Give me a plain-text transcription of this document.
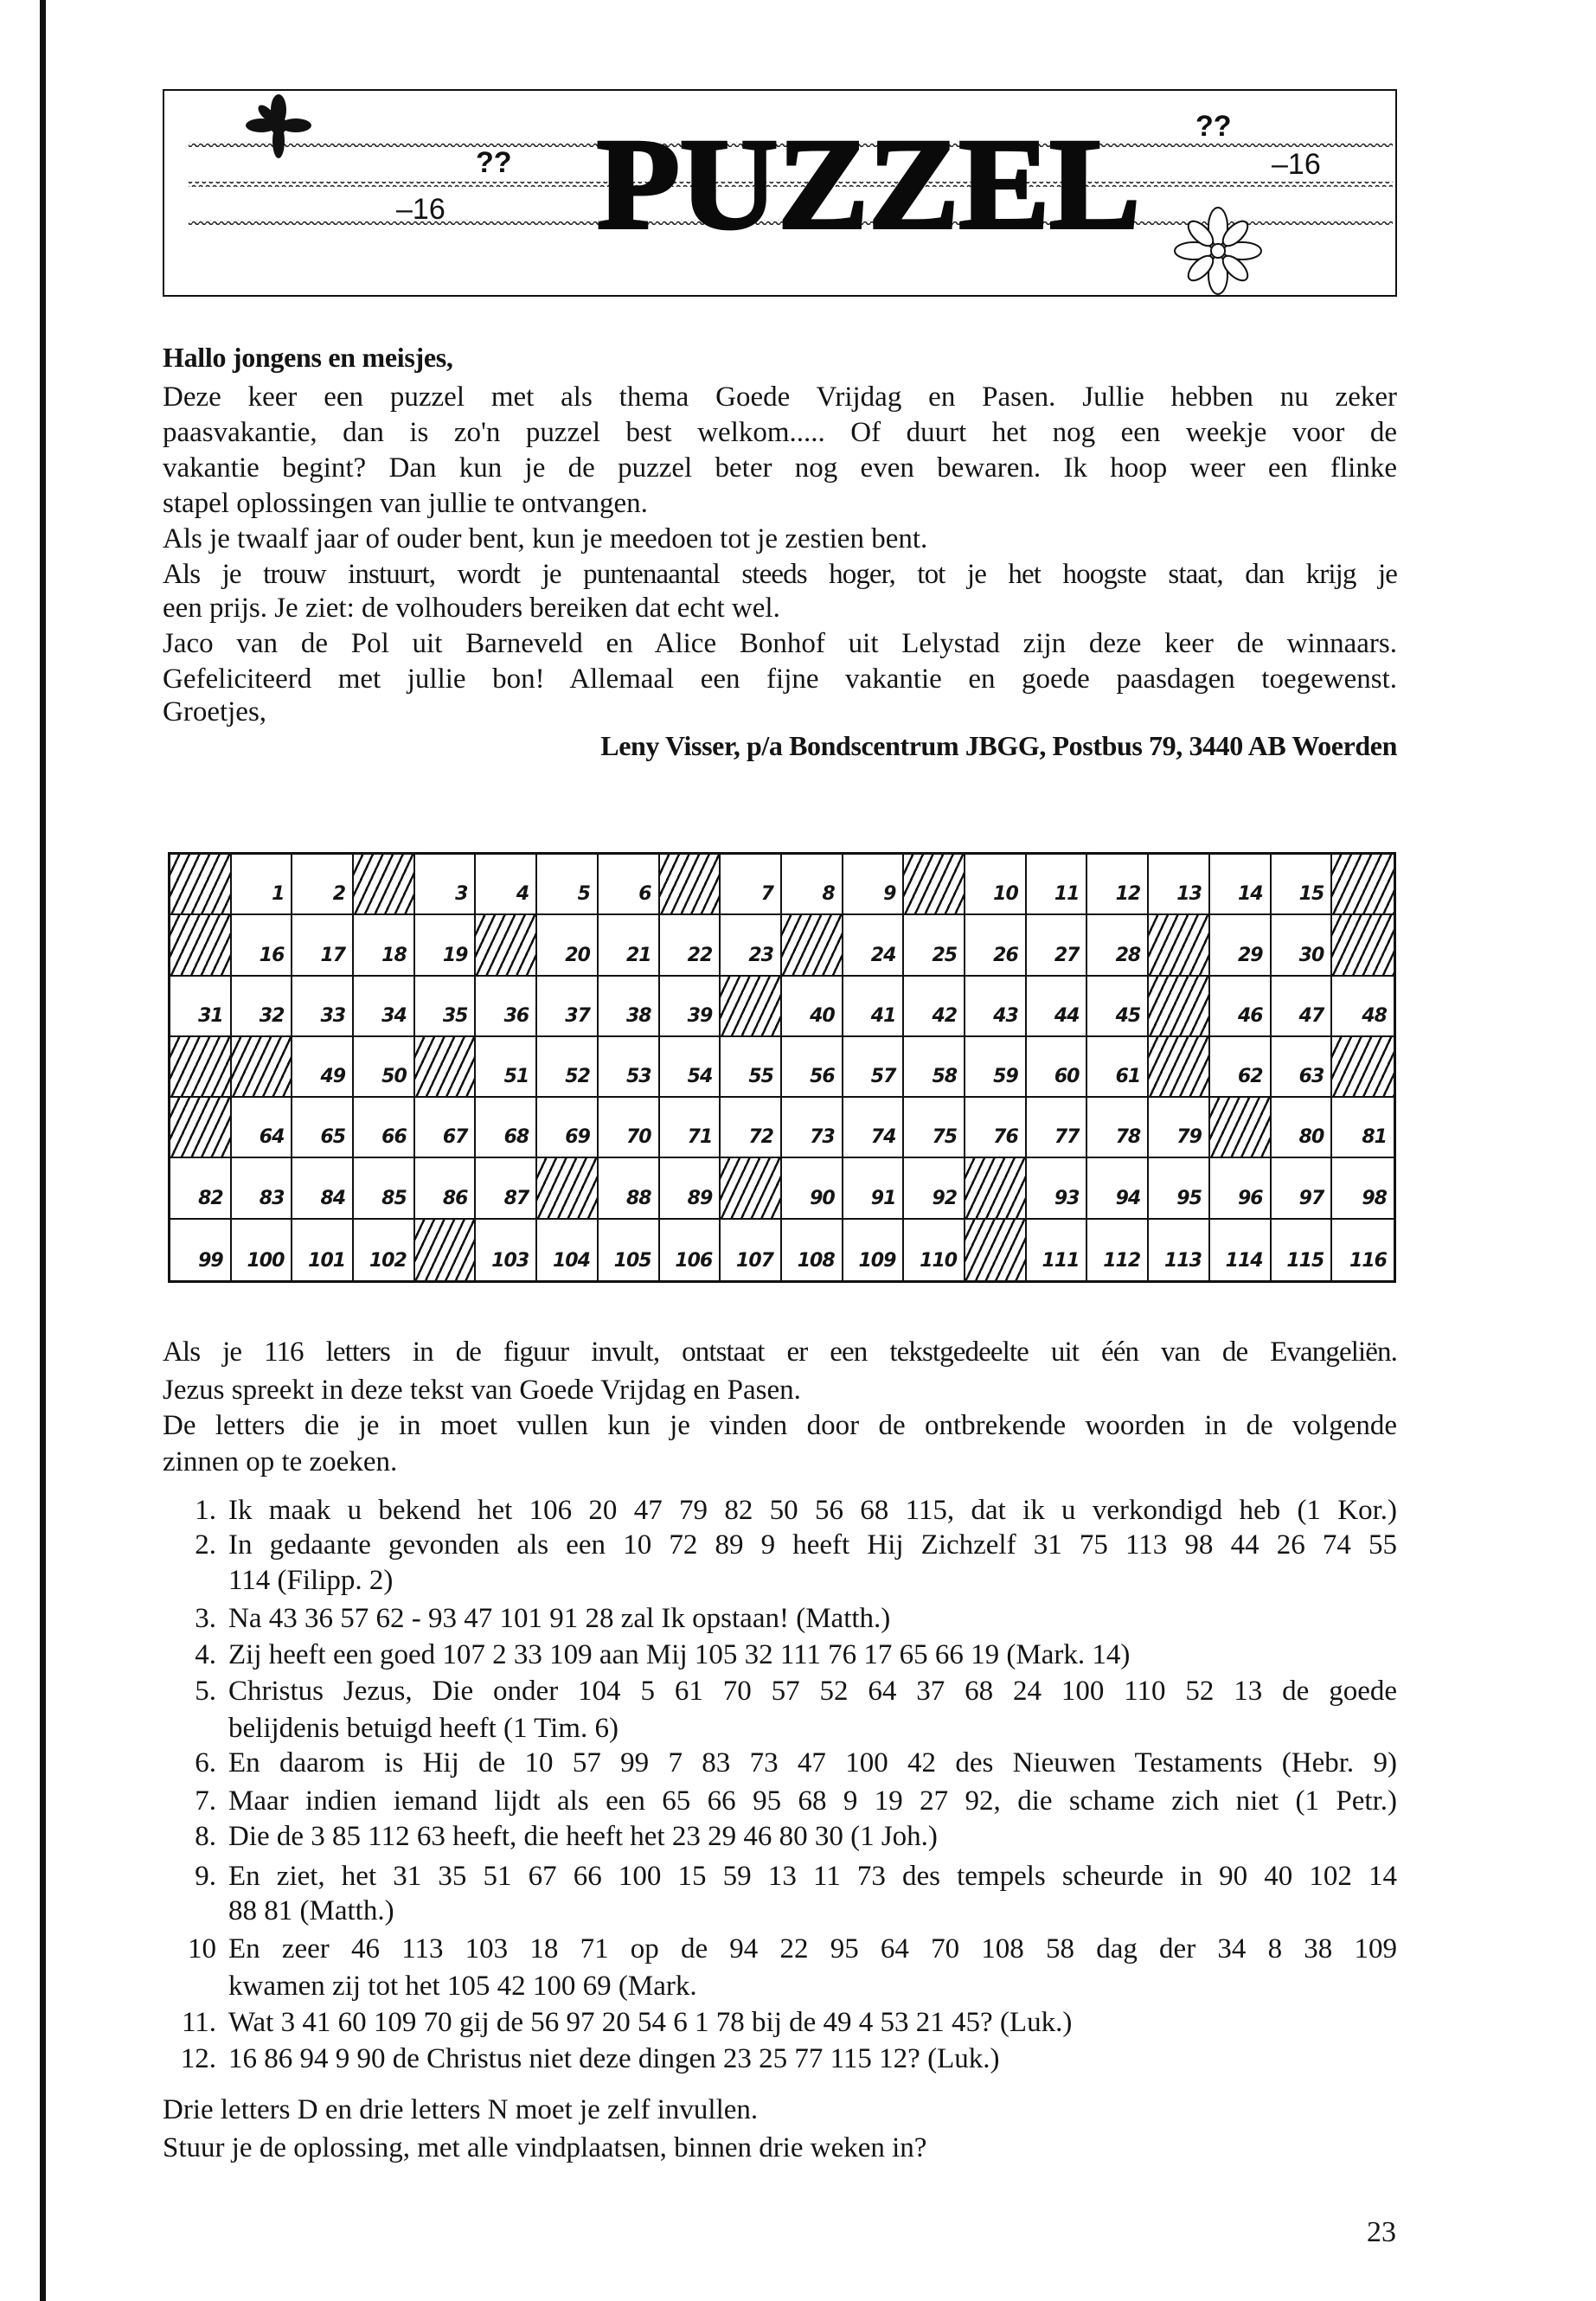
??
–16 PUZZEL ??
–16
Hallo jongens en meisjes,
Deze keer een puzzel met als thema Goede Vrijdag en Pasen. Jullie hebben nu zeker
paasvakantie, dan is zo'n puzzel best welkom..... Of duurt het nog een weekje voor de
vakantie begint? Dan kun je de puzzel beter nog even bewaren. Ik hoop weer een flinke
stapel oplossingen van jullie te ontvangen.
Als je twaalf jaar of ouder bent, kun je meedoen tot je zestien bent.
Als je trouw instuurt, wordt je puntenaantal steeds hoger, tot je het hoogste staat, dan krijg je
een prijs. Je ziet: de volhouders bereiken dat echt wel.
Jaco van de Pol uit Barneveld en Alice Bonhof uit Lelystad zijn deze keer de winnaars.
Gefeliciteerd met jullie bon! Allemaal een fijne vakantie en goede paasdagen toegewenst.
Groetjes,
Leny Visser, p/a Bondscentrum JBGG, Postbus 79, 3440 AB Woerden
1	2	3	4	5	6	7	8	9	10 11 12 13 14 15
16 17 18 19	20 21 22 23	24 25 26 27 28	29 30
31 32 33 34 35 36 37 38 39	40 41 42 43 44 45	46 47 48
49 50	51 52 53 54 55 56 57 58 59 60 61	62 63
64 65 66 67 68 69 70 71 72 73 74 75 76 77 78 79	80 81
82 83 84 85 86 87	88 89	90 91 92	93 94 95 96 97 98
99 100 101 102	103 104 105 106 107 108 109 110	111 112 113 114 115 116
Als je 116 letters in de figuur invult, ontstaat er een tekstgedeelte uit één van de Evangeliën.
Jezus spreekt in deze tekst van Goede Vrijdag en Pasen.
De letters die je in moet vullen kun je vinden door de ontbrekende woorden in de volgende
zinnen op te zoeken.
1. Ik maak u bekend het 106 20 47 79 82 50 56 68 115, dat ik u verkondigd heb (1 Kor.)
2. In gedaante gevonden als een 10 72 89 9 heeft Hij Zichzelf 31 75 113 98 44 26 74 55
114 (Filipp. 2)
3. Na 43 36 57 62 - 93 47 101 91 28 zal Ik opstaan! (Matth.)
4. Zij heeft een goed 107 2 33 109 aan Mij 105 32 111 76 17 65 66 19 (Mark. 14)
5. Christus Jezus, Die onder 104 5 61 70 57 52 64 37 68 24 100 110 52 13 de goede
belijdenis betuigd heeft (1 Tim. 6)
6. En daarom is Hij de 10 57 99 7 83 73 47 100 42 des Nieuwen Testaments (Hebr. 9)
7. Maar indien iemand lijdt als een 65 66 95 68 9 19 27 92, die schame zich niet (1 Petr.)
8. Die de 3 85 112 63 heeft, die heeft het 23 29 46 80 30 (1 Joh.)
9. En ziet, het 31 35 51 67 66 100 15 59 13 11 73 des tempels scheurde in 90 40 102 14
88 81 (Matth.)
10 En zeer 46 113 103 18 71 op de 94 22 95 64 70 108 58 dag der 34 8 38 109
kwamen zij tot het 105 42 100 69 (Mark.
11. Wat 3 41 60 109 70 gij de 56 97 20 54 6 1 78 bij de 49 4 53 21 45? (Luk.)
12. 16 86 94 9 90 de Christus niet deze dingen 23 25 77 115 12? (Luk.)
Drie letters D en drie letters N moet je zelf invullen.
Stuur je de oplossing, met alle vindplaatsen, binnen drie weken in?
23
